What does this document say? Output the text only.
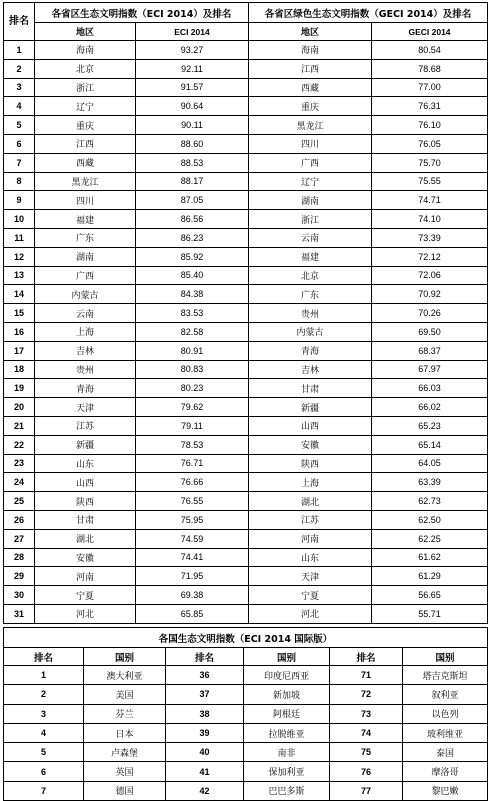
排名	各省区生态文明指数（ECI 2014）及排名		各省区绿色生态文明指数（GECI 2014）及排名	
	地区	ECI 2014	地区	GECI 2014
1	海南	93.27	海南	80.54
2	北京	92.11	江西	78.68
3	浙江	91.57	西藏	77.00
4	辽宁	90.64	重庆	76.31
5	重庆	90.11	黑龙江	76.10
6	江西	88.60	四川	76.05
7	西藏	88.53	广西	75.70
8	黑龙江	88.17	辽宁	75.55
9	四川	87.05	湖南	74.71
10	福建	86.56	浙江	74.10
11	广东	86.23	云南	73.39
12	湖南	85.92	福建	72.12
13	广西	85.40	北京	72.06
14	内蒙古	84.38	广东	70.92
15	云南	83.53	贵州	70.26
16	上海	82.58	内蒙古	69.50
17	吉林	80.91	青海	68.37
18	贵州	80.83	吉林	67.97
19	青海	80.23	甘肃	66.03
20	天津	79.62	新疆	66.02
21	江苏	79.11	山西	65.23
22	新疆	78.53	安徽	65.14
23	山东	76.71	陕西	64.05
24	山西	76.66	上海	63.39
25	陕西	76.55	湖北	62.73
26	甘肃	75.95	江苏	62.50
27	湖北	74.59	河南	62.25
28	安徽	74.41	山东	61.62
29	河南	71.95	天津	61.29
30	宁夏	69.38	宁夏	56.65
31	河北	65.85	河北	55.71
各国生态文明指数（ECI 2014 国际版）					
排名	国别	排名	国别	排名	国别
1	澳大利亚	36	印度尼西亚	71	塔吉克斯坦
2	美国	37	新加坡	72	叙利亚
3	芬兰	38	阿根廷	73	以色列
4	日本	39	拉脱维亚	74	玻利维亚
5	卢森堡	40	南非	75	泰国
6	英国	41	保加利亚	76	摩洛哥
7	德国	42	巴巴多斯	77	黎巴嫩
